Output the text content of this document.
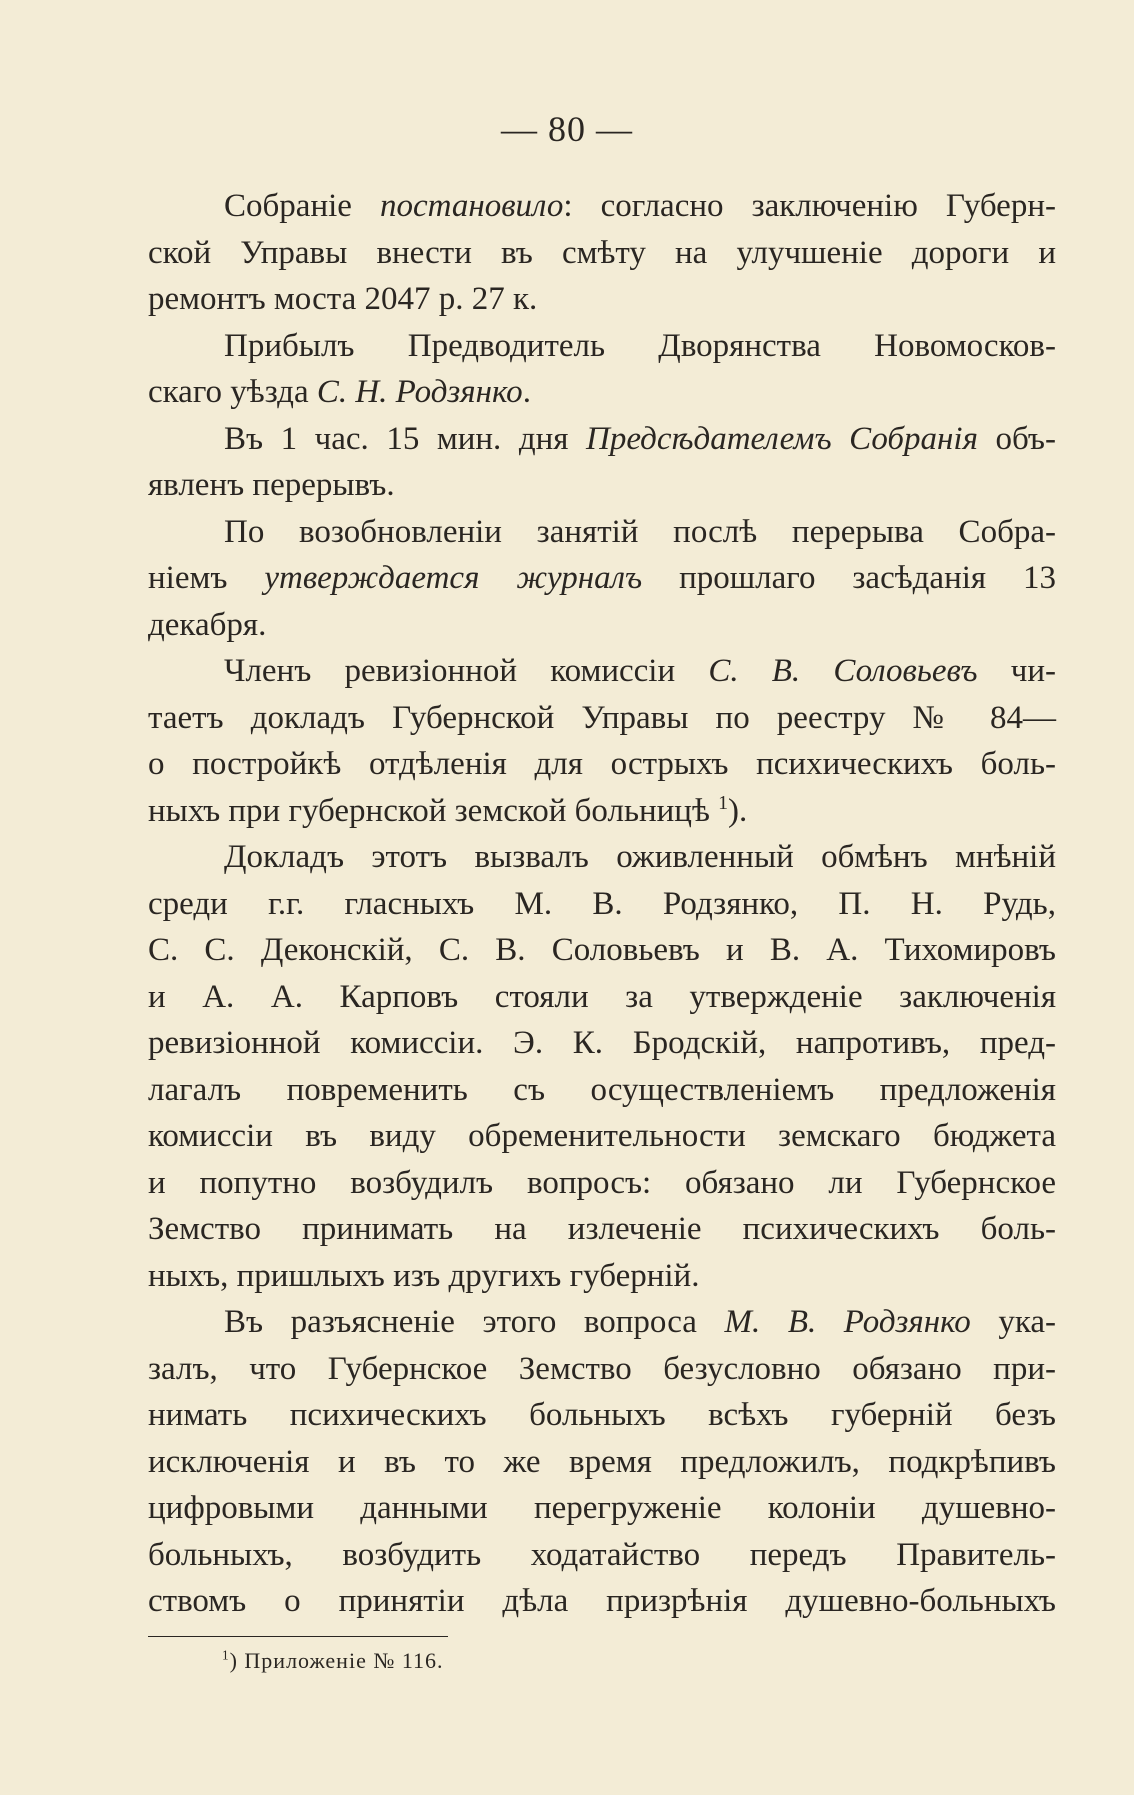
— 80 —
Собраніе постановило: согласно заключенію Губерн-
ской Управы внести въ смѣту на улучшеніе дороги и
ремонтъ моста 2047 р. 27 к.
Прибылъ Предводитель Дворянства Новомосков-
скаго уѣзда С. Н. Родзянко.
Въ 1 час. 15 мин. дня Предсѣдателемъ Собранія объ-
явленъ перерывъ.
По возобновленіи занятій послѣ перерыва Собра-
ніемъ утверждается журналъ прошлаго засѣданія 13
декабря.
Членъ ревизіонной комиссіи С. В. Соловьевъ чи-
таетъ докладъ Губернской Управы по реестру № 84—
о постройкѣ отдѣленія для острыхъ психическихъ боль-
ныхъ при губернской земской больницѣ $^1$).
Докладъ этотъ вызвалъ оживленный обмѣнъ мнѣній
среди г.г. гласныхъ М. В. Родзянко, П. Н. Рудь,
С. С. Деконскій, С. В. Соловьевъ и В. А. Тихомировъ
и А. А. Карповъ стояли за утвержденіе заключенія
ревизіонной комиссіи. Э. К. Бродскій, напротивъ, пред-
лагалъ повременить съ осуществленіемъ предложенія
комиссіи въ виду обременительности земскаго бюджета
и попутно возбудилъ вопросъ: обязано ли Губернское
Земство принимать на излеченіе психическихъ боль-
ныхъ, пришлыхъ изъ другихъ губерній.
Въ разъясненіе этого вопроса М. В. Родзянко ука-
залъ, что Губернское Земство безусловно обязано при-
нимать психическихъ больныхъ всѣхъ губерній безъ
исключенія и въ то же время предложилъ, подкрѣпивъ
цифровыми данными перегруженіе колоніи душевно-
больныхъ, возбудить ходатайство передъ Правитель-
ствомъ о принятіи дѣла призрѣнія душевно-больныхъ
$^1$) Приложеніе № 116.
